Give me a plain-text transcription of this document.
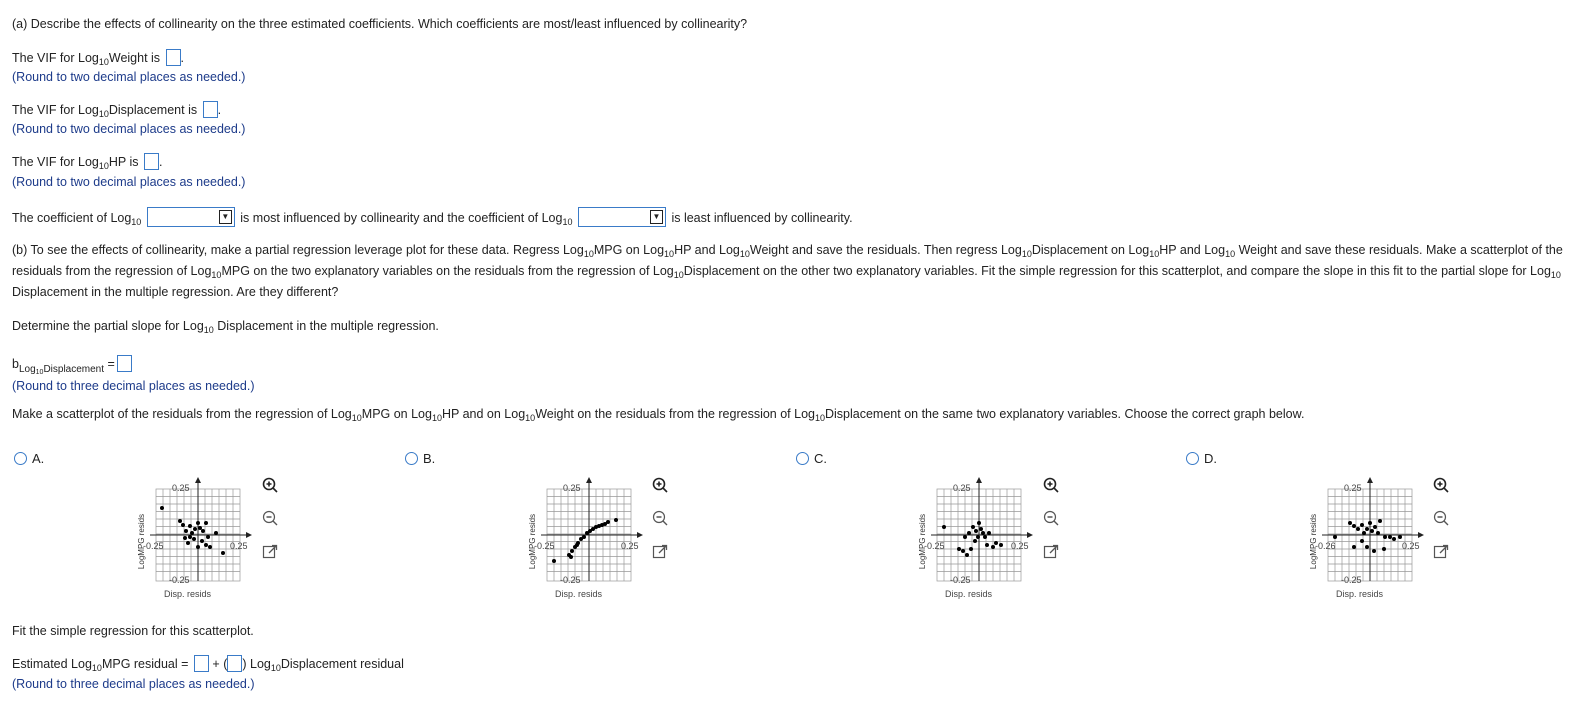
(a) Describe the effects of collinearity on the three estimated coefficients. Which coefficients are most/least influenced by collinearity?
The VIF for Log$_{10}$Weight is .
(Round to two decimal places as needed.)
The VIF for Log$_{10}$Displacement is .
(Round to two decimal places as needed.)
The VIF for Log$_{10}$HP is .
(Round to two decimal places as needed.)
The coefficient of Log$_{10}$
▼ is most influenced by collinearity and the coefficient of Log$_{10}$
▼ is least influenced by collinearity.
(b) To see the effects of collinearity, make a partial regression leverage plot for these data. Regress Log$_{10}$MPG on Log$_{10}$HP and Log$_{10}$Weight and save the residuals. Then regress Log$_{10}$Displacement on Log$_{10}$HP and Log$_{10}$ Weight and save these residuals. Make a scatterplot of the residuals from the regression of Log$_{10}$MPG on the two explanatory variables on the residuals from the regression of Log$_{10}$Displacement on the other two explanatory variables. Fit the simple regression for this scatterplot, and compare the slope in this fit to the partial slope for Log$_{10}$ Displacement in the multiple regression. Are they different?
Determine the partial slope for Log$_{10}$ Displacement in the multiple regression.
$b_{Log_{10}Displacement}$ =
(Round to three decimal places as needed.)
Make a scatterplot of the residuals from the regression of Log$_{10}$MPG on Log$_{10}$HP and on Log$_{10}$Weight on the residuals from the regression of Log$_{10}$Displacement on the same two explanatory variables. Choose the correct graph below.
A.	B.	C.	D.
LogMPG resids
0.25
-0.25
-0.25	0.25
Disp. resids
LogMPG resids
0.25
-0.25
-0.25	0.25
Disp. resids
LogMPG resids
0.25
-0.25
-0.25	0.25
Disp. resids
LogMPG resids
0.25
-0.25
-0.26	0.25
Disp. resids
Fit the simple regression for this scatterplot.
Estimated Log$_{10}$MPG residual = + ( ) Log$_{10}$Displacement residual
(Round to three decimal places as needed.)
